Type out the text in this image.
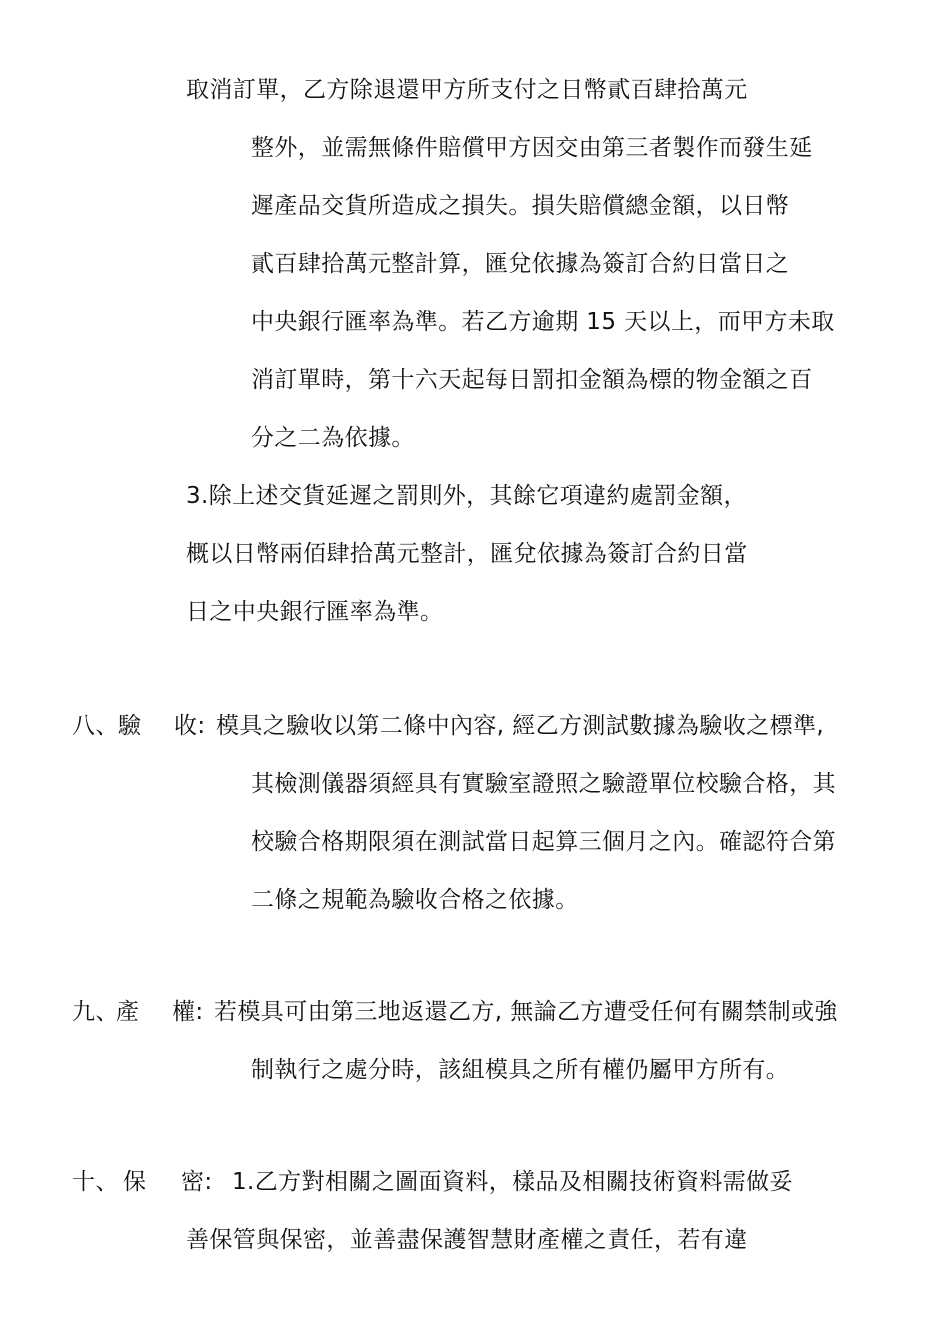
取消訂單，乙方除退還甲方所支付之日幣貳百肆拾萬元
整外，並需無條件賠償甲方因交由第三者製作而發生延
遲產品交貨所造成之損失。損失賠償總金額，以日幣
貳百肆拾萬元整計算，匯兌依據為簽訂合約日當日之
中央銀行匯率為準。若乙方逾期 15 天以上，而甲方未取
消訂單時，第十六天起每日罰扣金額為標的物金額之百
分之二為依據。
3.除上述交貨延遲之罰則外，其餘它項違約處罰金額，
概以日幣兩佰肆拾萬元整計，匯兌依據為簽訂合約日當
日之中央銀行匯率為準。
八、 驗 收: 模具之驗收以第二條中內容, 經乙方測試數據為驗收之標準,
其檢測儀器須經具有實驗室證照之驗證單位校驗合格，其
校驗合格期限須在測試當日起算三個月之內。確認符合第
二條之規範為驗收合格之依據。
九、
產 權: 若模具可由第三地返還乙方, 無論乙方遭受任何有關禁制或強
制執行之處分時，該組模具之所有權仍屬甲方所有。
十、 保 密: 1.乙方對相關之圖面資料，樣品及相關技術資料需做妥
善保管與保密，並善盡保護智慧財產權之責任，若有違
